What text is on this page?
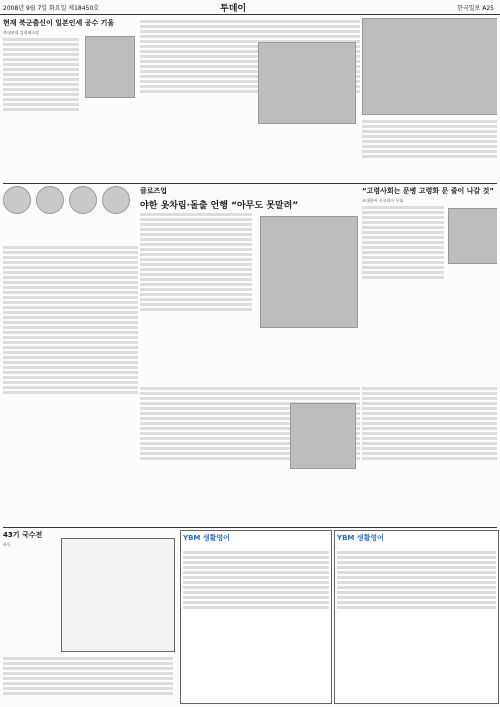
2008년 9월 7일 화요일 제18450호	투데이	한국일보 A25
현재 북군출신이 일본인세 공수 기울
북대연대 김광태소장

클로즈업
야한 옷차림·돌출 언행 “아무도 못말려”
“고령사회는 문병 고령화 문 줄이 나갈 것”
조대현씨 시코리아 우대
43기 국수전
바둑
YBM 생활영어	YBM 생활영어
